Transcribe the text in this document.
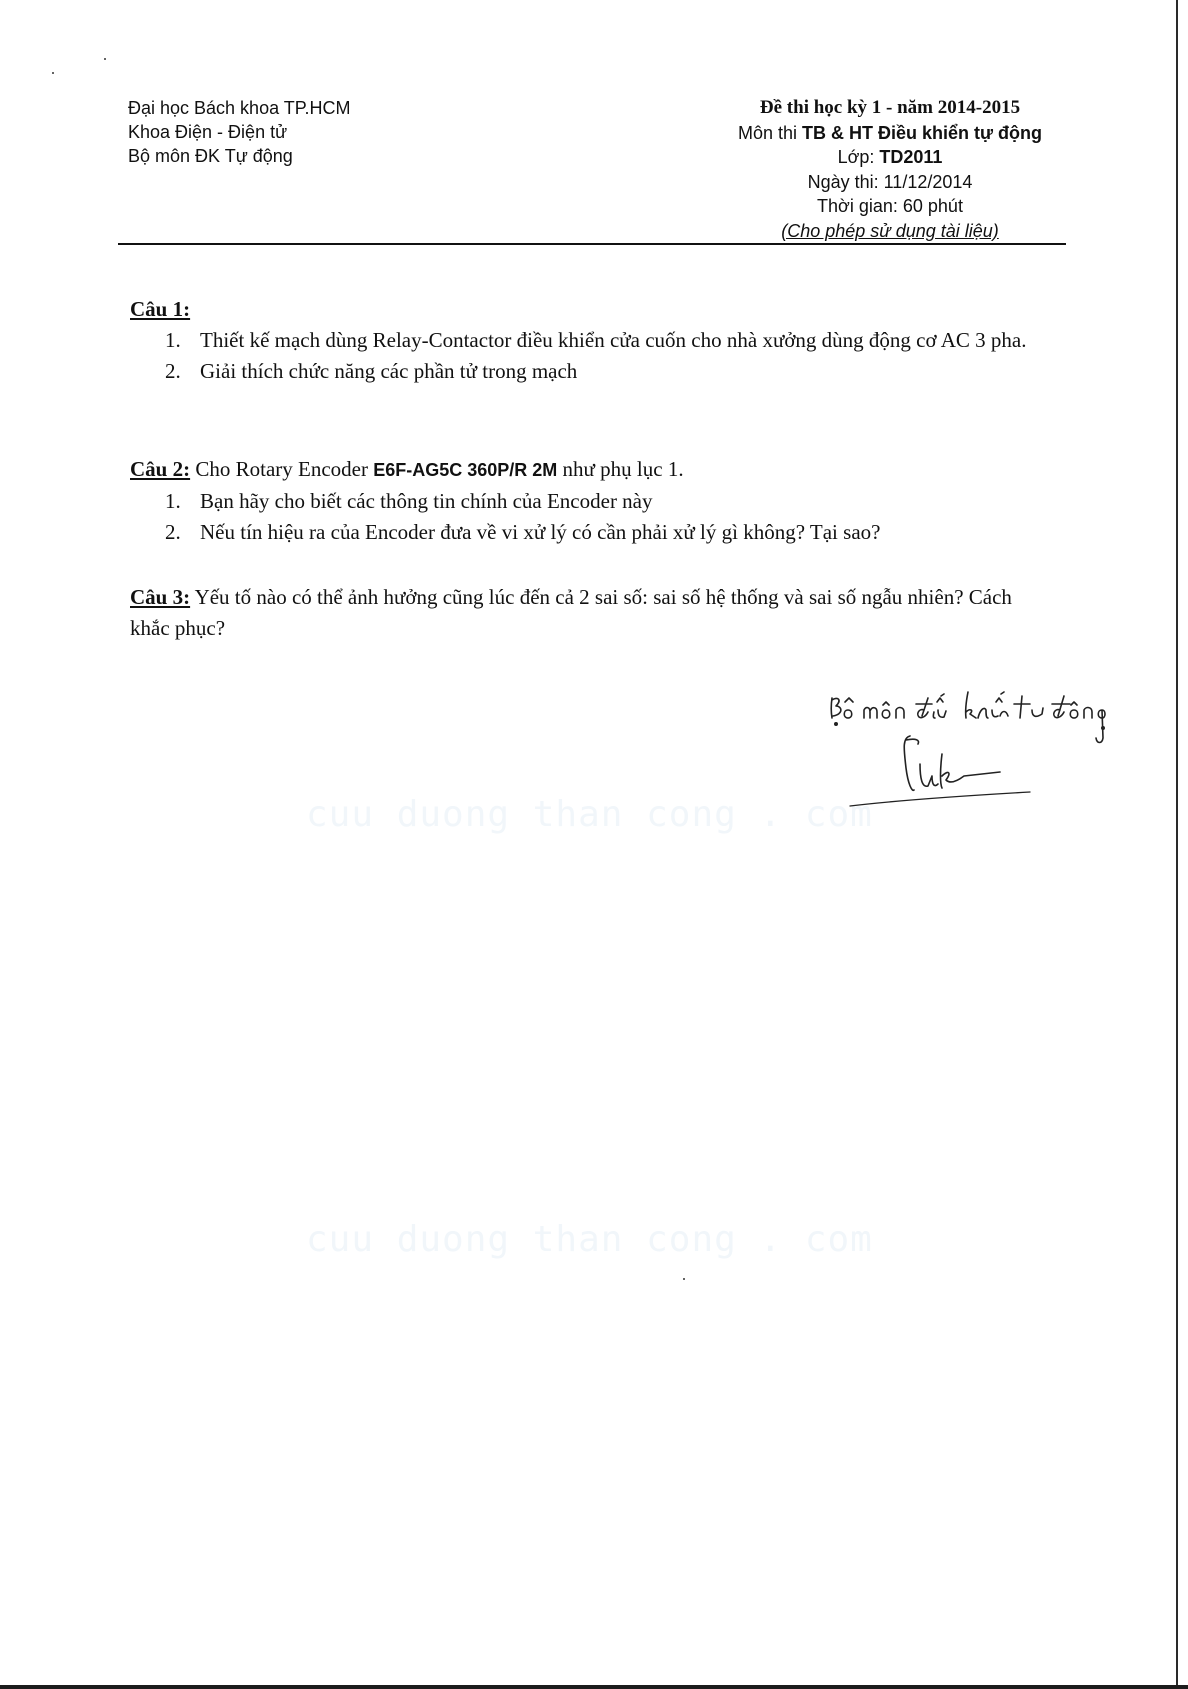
Đại học Bách khoa TP.HCM
Khoa Điện - Điện tử
Bộ môn ĐK Tự động
Đề thi học kỳ 1 - năm 2014-2015
Môn thi TB & HT Điều khiển tự động
Lớp: TD2011
Ngày thi: 11/12/2014
Thời gian: 60 phút
(Cho phép sử dụng tài liệu)
Câu 1:
1. Thiết kế mạch dùng Relay-Contactor điều khiển cửa cuốn cho nhà xưởng dùng động cơ AC 3 pha.
2. Giải thích chức năng các phần tử trong mạch
Câu 2: Cho Rotary Encoder E6F-AG5C 360P/R 2M như phụ lục 1.
1. Bạn hãy cho biết các thông tin chính của Encoder này
2. Nếu tín hiệu ra của Encoder đưa về vi xử lý có cần phải xử lý gì không? Tại sao?
Câu 3: Yếu tố nào có thể ảnh hưởng cũng lúc đến cả 2 sai số: sai số hệ thống và sai số ngẫu nhiên? Cách khắc phục?
cuu duong than cong . com
cuu duong than cong . com
